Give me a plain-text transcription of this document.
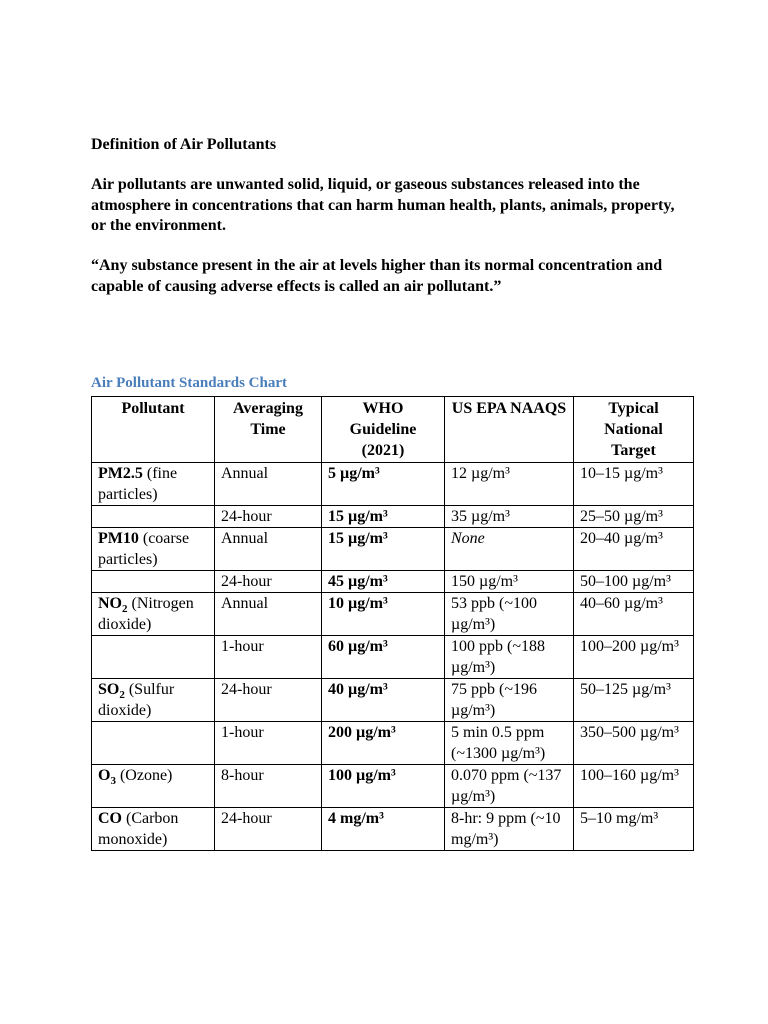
Definition of Air Pollutants
Air pollutants are unwanted solid, liquid, or gaseous substances released into the atmosphere in concentrations that can harm human health, plants, animals, property, or the environment.
“Any substance present in the air at levels higher than its normal concentration and capable of causing adverse effects is called an air pollutant.”
Air Pollutant Standards Chart
Pollutant	Averaging Time	WHO Guideline (2021)	US EPA NAAQS	Typical National Target
PM2.5 (fine particles)	Annual	5 µg/m³	12 µg/m³	10–15 µg/m³
	24-hour	15 µg/m³	35 µg/m³	25–50 µg/m³
PM10 (coarse particles)	Annual	15 µg/m³	None	20–40 µg/m³
	24-hour	45 µg/m³	150 µg/m³	50–100 µg/m³
$NO_2$ (Nitrogen dioxide)	Annual	10 µg/m³	53 ppb (~100 µg/m³)	40–60 µg/m³
	1-hour	60 µg/m³	100 ppb (~188 µg/m³)	100–200 µg/m³
$SO_2$ (Sulfur dioxide)	24-hour	40 µg/m³	75 ppb (~196 µg/m³)	50–125 µg/m³
	1-hour	200 µg/m³	5 min 0.5 ppm (~1300 µg/m³)	350–500 µg/m³
$O_3$ (Ozone)	8-hour	100 µg/m³	0.070 ppm (~137 µg/m³)	100–160 µg/m³
CO (Carbon monoxide)	24-hour	4 mg/m³	8-hr: 9 ppm (~10 mg/m³)	5–10 mg/m³
